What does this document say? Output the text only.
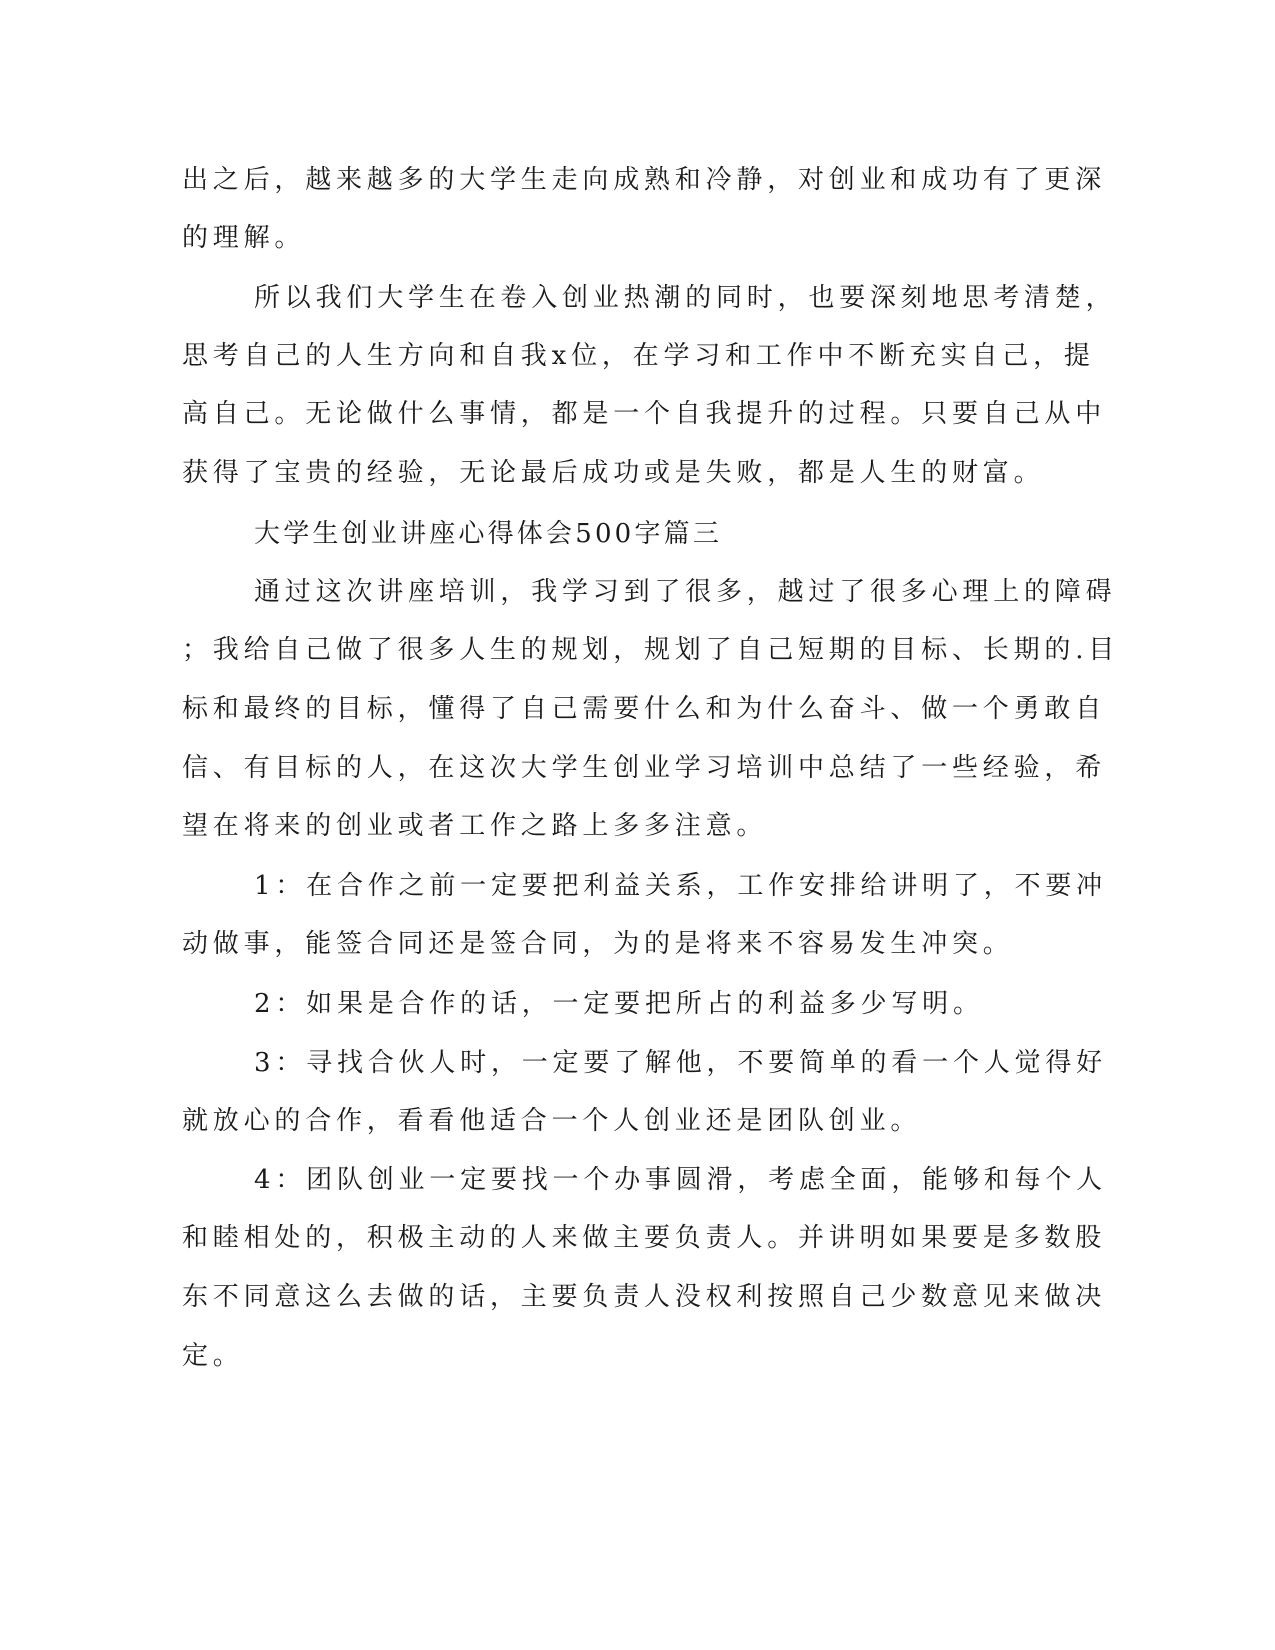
出之后，越来越多的大学生走向成熟和冷静，对创业和成功有了更深
的理解。
所以我们大学生在卷入创业热潮的同时，也要深刻地思考清楚，
思考自己的人生方向和自我x位，在学习和工作中不断充实自己，提
高自己。无论做什么事情，都是一个自我提升的过程。只要自己从中
获得了宝贵的经验，无论最后成功或是失败，都是人生的财富。
大学生创业讲座心得体会500字篇三
通过这次讲座培训，我学习到了很多，越过了很多心理上的障碍
；我给自己做了很多人生的规划，规划了自己短期的目标、长期的.目
标和最终的目标，懂得了自己需要什么和为什么奋斗、做一个勇敢自
信、有目标的人，在这次大学生创业学习培训中总结了一些经验，希
望在将来的创业或者工作之路上多多注意。
1：在合作之前一定要把利益关系，工作安排给讲明了，不要冲
动做事，能签合同还是签合同，为的是将来不容易发生冲突。
2：如果是合作的话，一定要把所占的利益多少写明。
3：寻找合伙人时，一定要了解他，不要简单的看一个人觉得好
就放心的合作，看看他适合一个人创业还是团队创业。
4：团队创业一定要找一个办事圆滑，考虑全面，能够和每个人
和睦相处的，积极主动的人来做主要负责人。并讲明如果要是多数股
东不同意这么去做的话，主要负责人没权利按照自己少数意见来做决
定。
